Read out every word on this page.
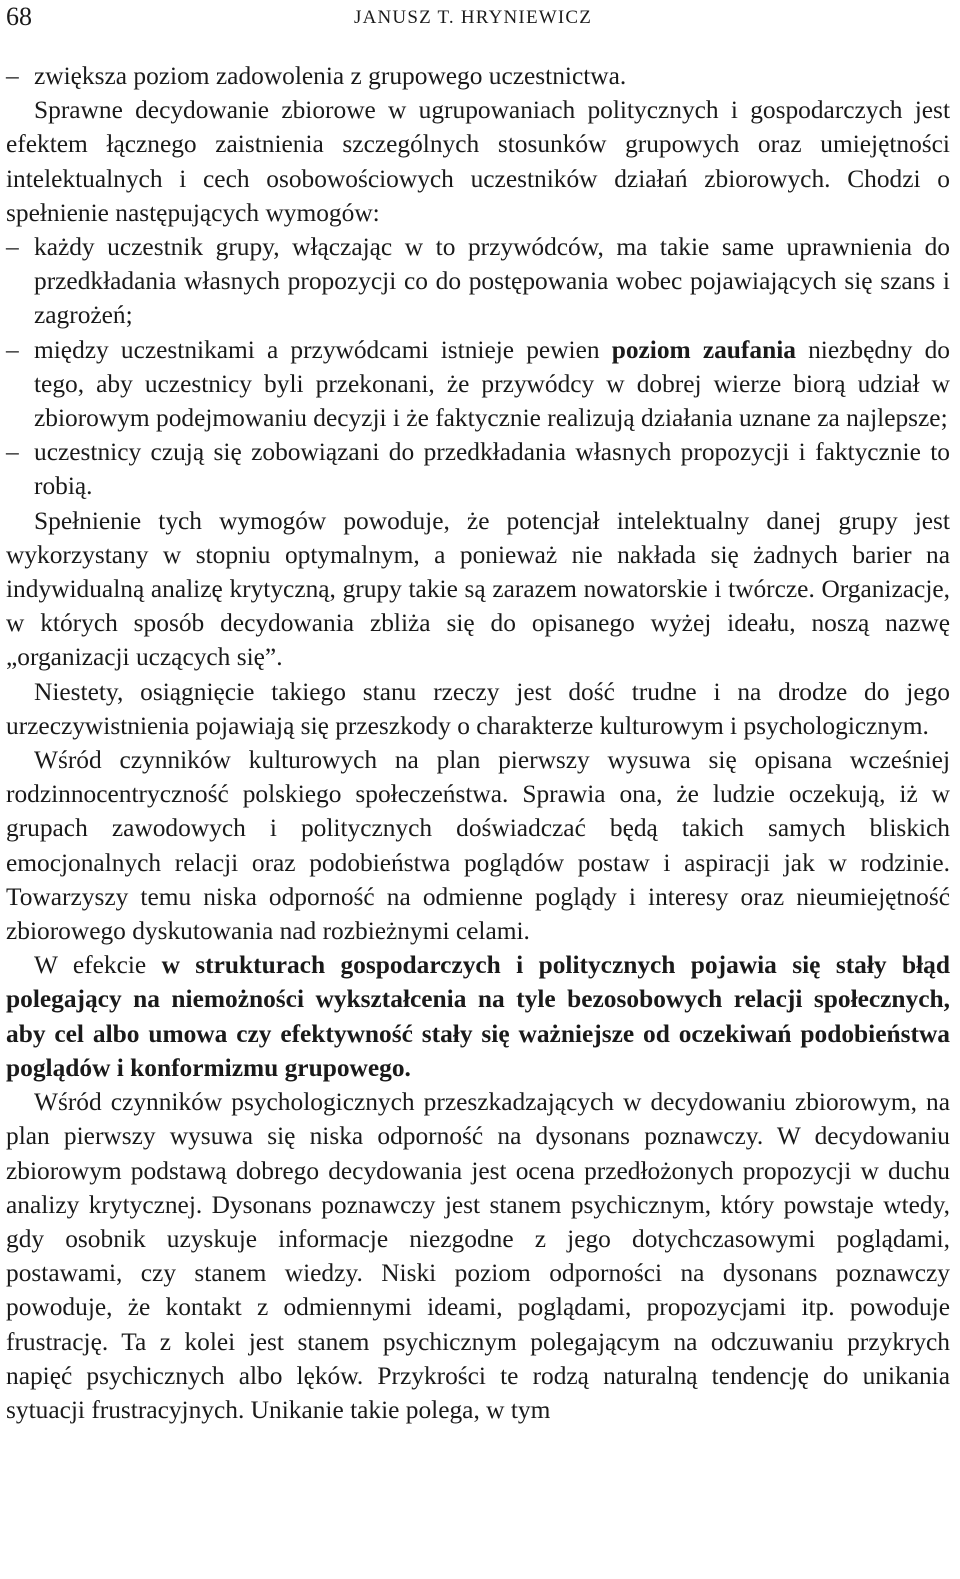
68	JANUSZ T. HRYNIEWICZ

– zwiększa poziom zadowolenia z grupowego uczestnictwa.

Sprawne decydowanie zbiorowe w ugrupowaniach politycznych i gospodarczych jest efektem łącznego zaistnienia szczególnych stosunków grupowych oraz umiejętności intelektualnych i cech osobowościowych uczestników działań zbiorowych. Chodzi o spełnienie następujących wymogów:

– każdy uczestnik grupy, włączając w to przywódców, ma takie same uprawnienia do przedkładania własnych propozycji co do postępowania wobec pojawiających się szans i zagrożeń;

– między uczestnikami a przywódcami istnieje pewien poziom zaufania niezbędny do tego, aby uczestnicy byli przekonani, że przywódcy w dobrej wierze biorą udział w zbiorowym podejmowaniu decyzji i że faktycznie realizują działania uznane za najlepsze;

– uczestnicy czują się zobowiązani do przedkładania własnych propozycji i faktycznie to robią.

Spełnienie tych wymogów powoduje, że potencjał intelektualny danej grupy jest wykorzystany w stopniu optymalnym, a ponieważ nie nakłada się żadnych barier na indywidualną analizę krytyczną, grupy takie są zarazem nowatorskie i twórcze. Organizacje, w których sposób decydowania zbliża się do opisanego wyżej ideału, noszą nazwę „organizacji uczących się”.

Niestety, osiągnięcie takiego stanu rzeczy jest dość trudne i na drodze do jego urzeczywistnienia pojawiają się przeszkody o charakterze kulturowym i psychologicznym.

Wśród czynników kulturowych na plan pierwszy wysuwa się opisana wcześniej rodzinnocentryczność polskiego społeczeństwa. Sprawia ona, że ludzie oczekują, iż w grupach zawodowych i politycznych doświadczać będą takich samych bliskich emocjonalnych relacji oraz podobieństwa poglądów postaw i aspiracji jak w rodzinie. Towarzyszy temu niska odporność na odmienne poglądy i interesy oraz nieumiejętność zbiorowego dyskutowania nad rozbieżnymi celami.

W efekcie w strukturach gospodarczych i politycznych pojawia się stały błąd polegający na niemożności wykształcenia na tyle bezosobowych relacji społecznych, aby cel albo umowa czy efektywność stały się ważniejsze od oczekiwań podobieństwa poglądów i konformizmu grupowego.

Wśród czynników psychologicznych przeszkadzających w decydowaniu zbiorowym, na plan pierwszy wysuwa się niska odporność na dysonans poznawczy. W decydowaniu zbiorowym podstawą dobrego decydowania jest ocena przedłożonych propozycji w duchu analizy krytycznej. Dysonans poznawczy jest stanem psychicznym, który powstaje wtedy, gdy osobnik uzyskuje informacje niezgodne z jego dotychczasowymi poglądami, postawami, czy stanem wiedzy. Niski poziom odporności na dysonans poznawczy powoduje, że kontakt z odmiennymi ideami, poglądami, propozycjami itp. powoduje frustrację. Ta z kolei jest stanem psychicznym polegającym na odczuwaniu przykrych napięć psychicznych albo lęków. Przykrości te rodzą naturalną tendencję do unikania sytuacji frustracyjnych. Unikanie takie polega, w tym
